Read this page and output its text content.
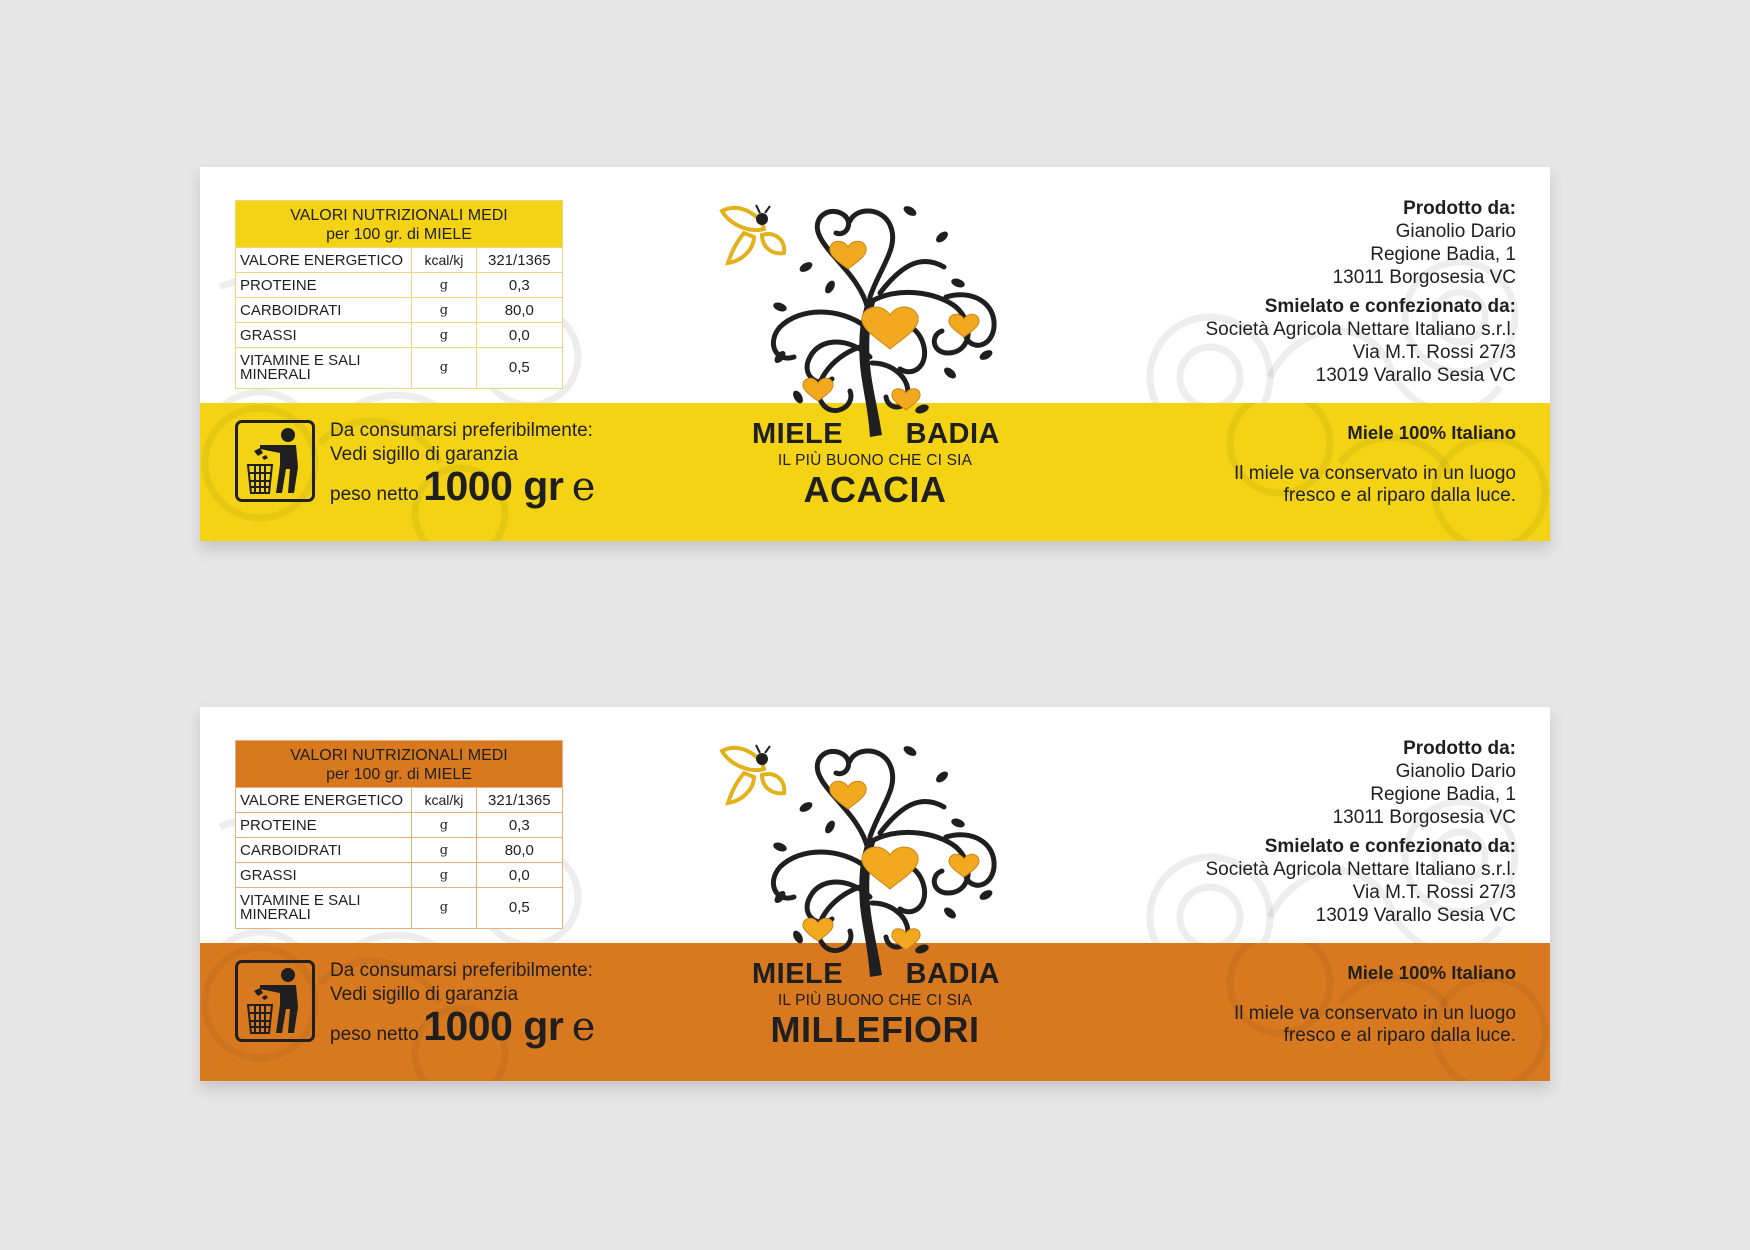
VALORI NUTRIZIONALI MEDI
per 100 gr. di MIELE		

VALORE ENERGETICO	kcal/kj	321/1365
PROTEINE	g	0,3
CARBOIDRATI	g	80,0
GRASSI	g	0,0

VITAMINE E SALI
MINERALI	g	0,5
MIELE BADIA
IL PIÙ BUONO CHE CI SIA
ACACIA
Da consumarsi preferibilmente:
Vedi sigillo di garanzia
peso netto 1000 gr e
Prodotto da:
Gianolio Dario
Regione Badia, 1
13011 Borgosesia VC
Smielato e confezionato da:
Società Agricola Nettare Italiano s.r.l.
Via M.T. Rossi 27/3
13019 Varallo Sesia VC
Miele 100% Italiano
Il miele va conservato in un luogo
fresco e al riparo dalla luce.
VALORI NUTRIZIONALI MEDI
per 100 gr. di MIELE		

VALORE ENERGETICO	kcal/kj	321/1365
PROTEINE	g	0,3
CARBOIDRATI	g	80,0
GRASSI	g	0,0

VITAMINE E SALI
MINERALI	g	0,5
MIELE BADIA
IL PIÙ BUONO CHE CI SIA
MILLEFIORI
Da consumarsi preferibilmente:
Vedi sigillo di garanzia
peso netto 1000 gr e
Prodotto da:
Gianolio Dario
Regione Badia, 1
13011 Borgosesia VC
Smielato e confezionato da:
Società Agricola Nettare Italiano s.r.l.
Via M.T. Rossi 27/3
13019 Varallo Sesia VC
Miele 100% Italiano
Il miele va conservato in un luogo
fresco e al riparo dalla luce.
